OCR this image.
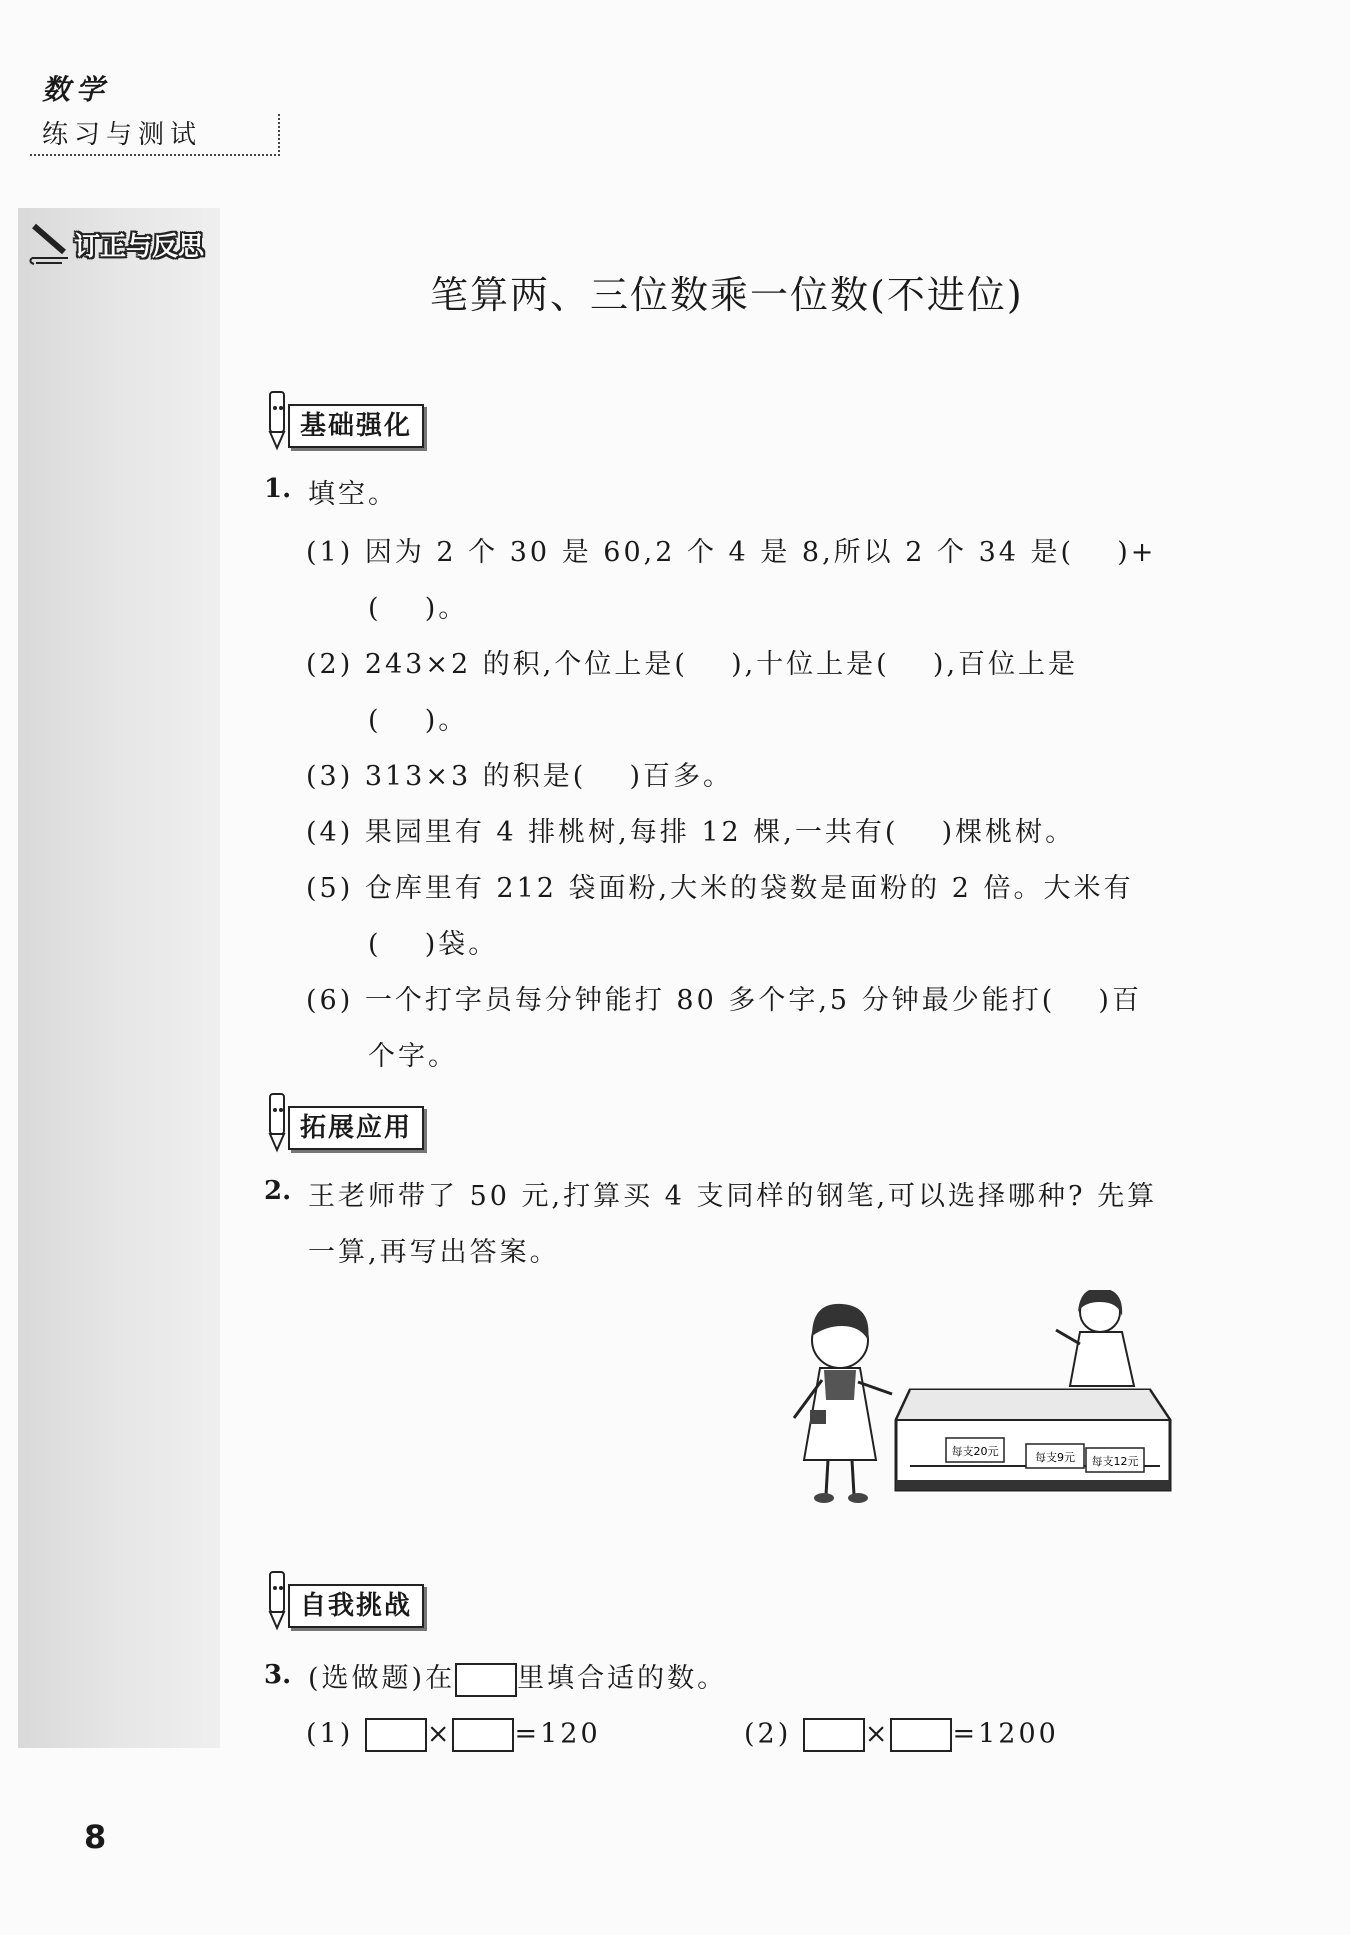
数学
练习与测试
订正与反思
笔算两、三位数乘一位数(不进位)
基础强化
1. 填空。
(1) 因为 2 个 30 是 60,2 个 4 是 8,所以 2 个 34 是( )+
( )。
(2) 243×2 的积,个位上是( ),十位上是( ),百位上是
( )。
(3) 313×3 的积是( )百多。
(4) 果园里有 4 排桃树,每排 12 棵,一共有( )棵桃树。
(5) 仓库里有 212 袋面粉,大米的袋数是面粉的 2 倍。大米有
( )袋。
(6) 一个打字员每分钟能打 80 多个字,5 分钟最少能打( )百
个字。
拓展应用
2. 王老师带了 50 元,打算买 4 支同样的钢笔,可以选择哪种? 先算
一算,再写出答案。
每支20元	每支9元 每支12元
自我挑战
3. (选做题)在 里填合适的数。
(1)	× =120	(2)	× =1200
8
